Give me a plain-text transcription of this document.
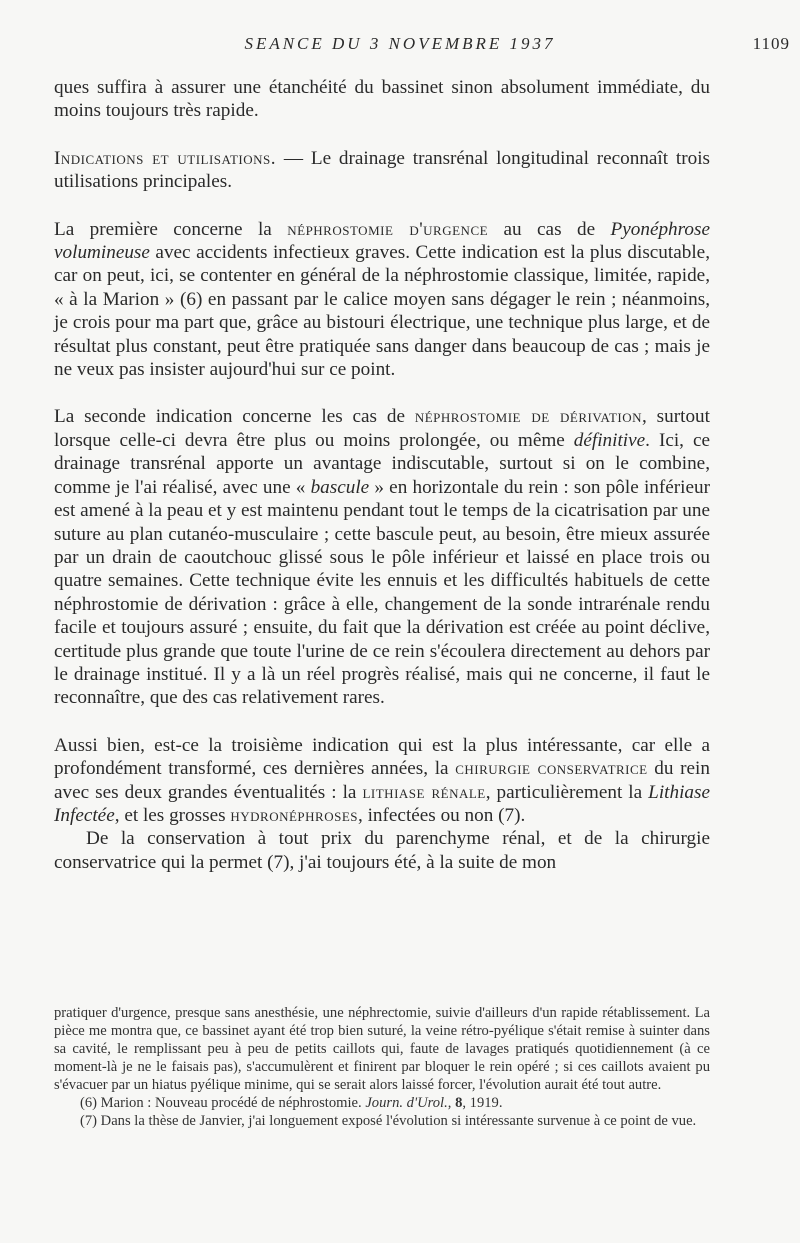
SEANCE DU 3 NOVEMBRE 1937	1109

ques suffira à assurer une étanchéité du bassinet sinon absolument immédiate, du moins toujours très rapide.

Indications et utilisations. — Le drainage transrénal longitudinal reconnaît trois utilisations principales.

La première concerne la néphrostomie d'urgence au cas de Pyonéphrose volumineuse avec accidents infectieux graves. Cette indication est la plus discutable, car on peut, ici, se contenter en général de la néphrostomie classique, limitée, rapide, « à la Marion » (6) en passant par le calice moyen sans dégager le rein ; néanmoins, je crois pour ma part que, grâce au bistouri électrique, une technique plus large, et de résultat plus constant, peut être pratiquée sans danger dans beaucoup de cas ; mais je ne veux pas insister aujourd'hui sur ce point.

La seconde indication concerne les cas de néphrostomie de dérivation, surtout lorsque celle-ci devra être plus ou moins prolongée, ou même définitive. Ici, ce drainage transrénal apporte un avantage indiscutable, surtout si on le combine, comme je l'ai réalisé, avec une « bascule » en horizontale du rein : son pôle inférieur est amené à la peau et y est maintenu pendant tout le temps de la cicatrisation par une suture au plan cutanéo-musculaire ; cette bascule peut, au besoin, être mieux assurée par un drain de caoutchouc glissé sous le pôle inférieur et laissé en place trois ou quatre semaines. Cette technique évite les ennuis et les difficultés habituels de cette néphrostomie de dérivation : grâce à elle, changement de la sonde intrarénale rendu facile et toujours assuré ; ensuite, du fait que la dérivation est créée au point déclive, certitude plus grande que toute l'urine de ce rein s'écoulera directement au dehors par le drainage institué. Il y a là un réel progrès réalisé, mais qui ne concerne, il faut le reconnaître, que des cas relativement rares.

Aussi bien, est-ce la troisième indication qui est la plus intéressante, car elle a profondément transformé, ces dernières années, la chirurgie conservatrice du rein avec ses deux grandes éventualités : la lithiase rénale, particulièrement la Lithiase Infectée, et les grosses hydronéphroses, infectées ou non (7).

De la conservation à tout prix du parenchyme rénal, et de la chirurgie conservatrice qui la permet (7), j'ai toujours été, à la suite de mon

pratiquer d'urgence, presque sans anesthésie, une néphrectomie, suivie d'ailleurs d'un rapide rétablissement. La pièce me montra que, ce bassinet ayant été trop bien suturé, la veine rétro-pyélique s'était remise à suinter dans sa cavité, le remplissant peu à peu de petits caillots qui, faute de lavages pratiqués quotidiennement (à ce moment-là je ne le faisais pas), s'accumulèrent et finirent par bloquer le rein opéré ; si ces caillots avaient pu s'évacuer par un hiatus pyélique minime, qui se serait alors laissé forcer, l'évolution aurait été tout autre.

(6) Marion : Nouveau procédé de néphrostomie. Journ. d'Urol., 8, 1919.

(7) Dans la thèse de Janvier, j'ai longuement exposé l'évolution si intéressante survenue à ce point de vue.
